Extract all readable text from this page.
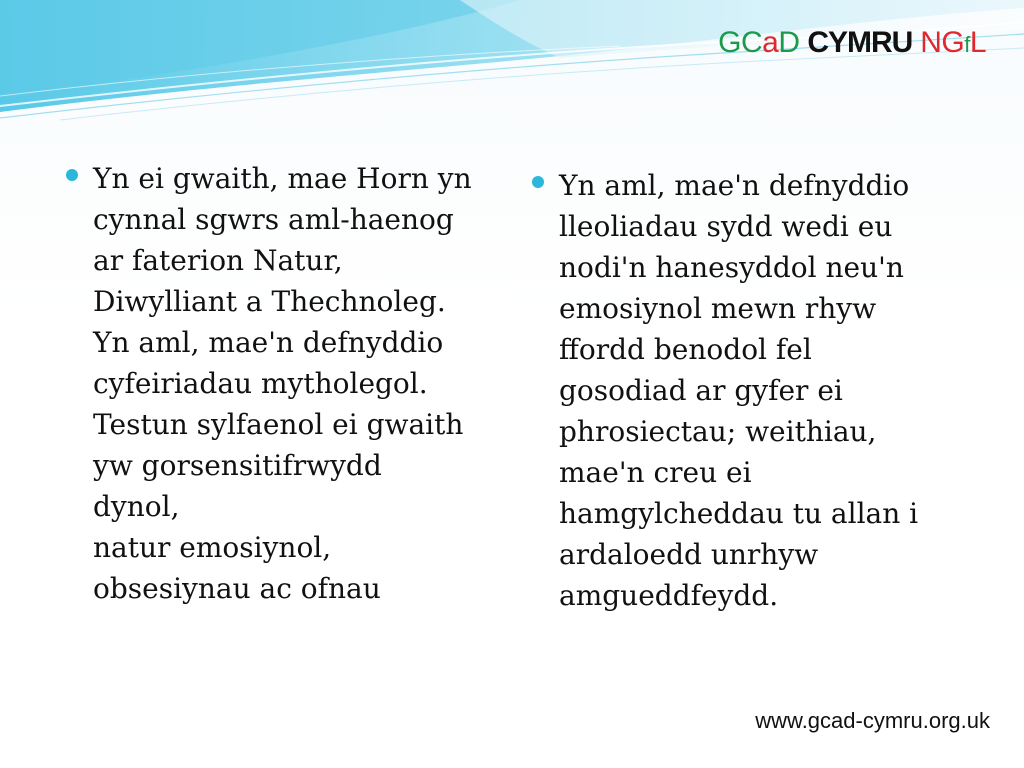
GCaD CYMRU NGfL

Yn ei gwaith, mae Horn yn
cynnal sgwrs aml-haenog
ar faterion Natur,
Diwylliant a Thechnoleg.
Yn aml, mae'n defnyddio
cyfeiriadau mytholegol.
Testun sylfaenol ei gwaith
yw gorsensitifrwydd dynol,
natur emosiynol,
obsesiynau ac ofnau

Yn aml, mae'n defnyddio
lleoliadau sydd wedi eu
nodi'n hanesyddol neu'n
emosiynol mewn rhyw
ffordd benodol fel
gosodiad ar gyfer ei
phrosiectau; weithiau,
mae'n creu ei
hamgylcheddau tu allan i
ardaloedd unrhyw
amgueddfeydd.

www.gcad-cymru.org.uk
